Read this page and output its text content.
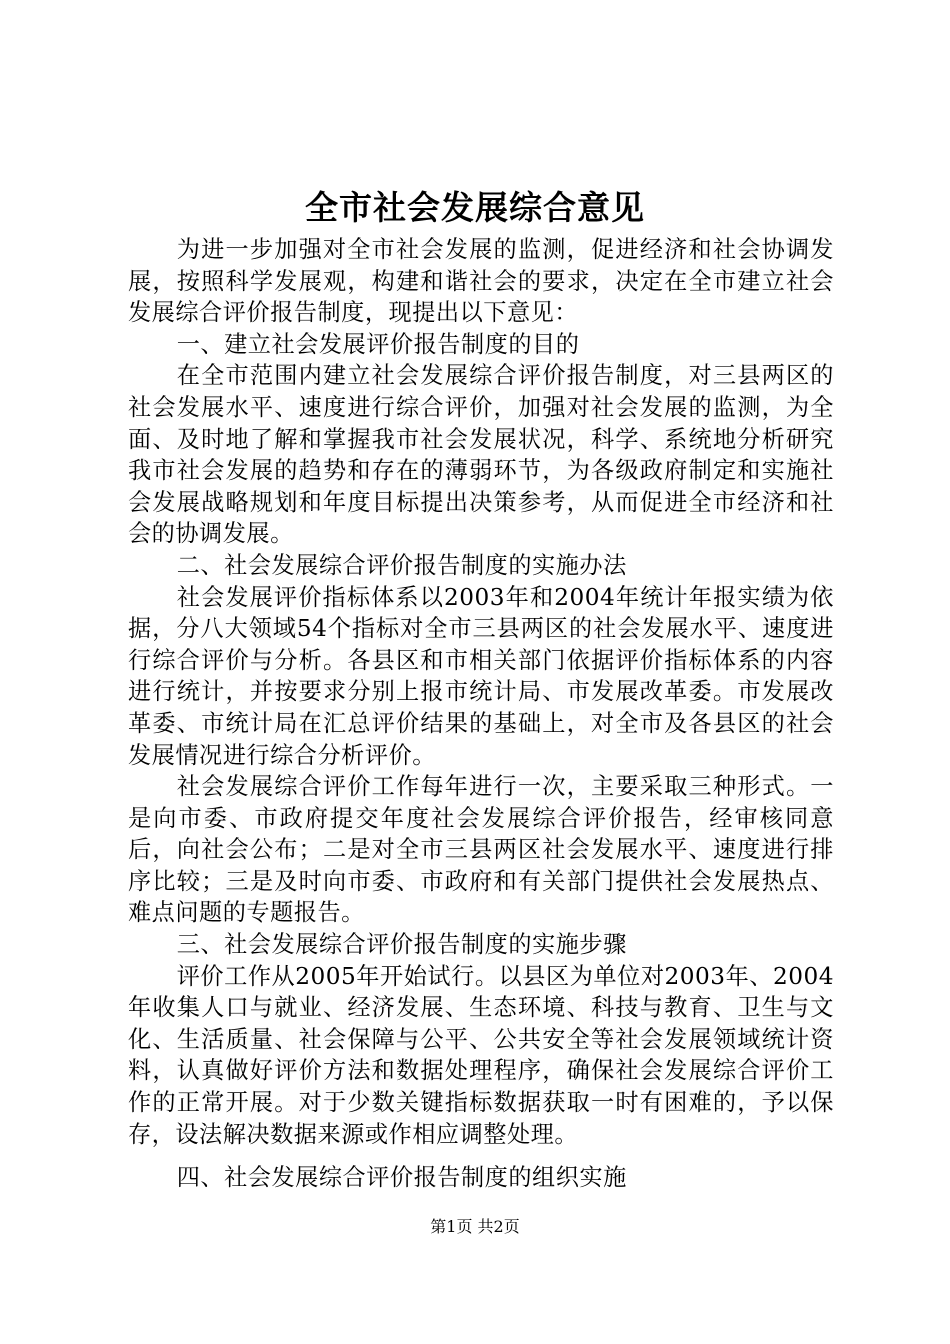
全市社会发展综合意见

为进一步加强对全市社会发展的监测，促进经济和社会协调发展，按照科学发展观，构建和谐社会的要求，决定在全市建立社会发展综合评价报告制度，现提出以下意见：

一、建立社会发展评价报告制度的目的

在全市范围内建立社会发展综合评价报告制度，对三县两区的社会发展水平、速度进行综合评价，加强对社会发展的监测，为全面、及时地了解和掌握我市社会发展状况，科学、系统地分析研究我市社会发展的趋势和存在的薄弱环节，为各级政府制定和实施社会发展战略规划和年度目标提出决策参考，从而促进全市经济和社会的协调发展。

二、社会发展综合评价报告制度的实施办法

社会发展评价指标体系以2003年和2004年统计年报实绩为依据，分八大领域54个指标对全市三县两区的社会发展水平、速度进行综合评价与分析。各县区和市相关部门依据评价指标体系的内容进行统计，并按要求分别上报市统计局、市发展改革委。市发展改革委、市统计局在汇总评价结果的基础上，对全市及各县区的社会发展情况进行综合分析评价。

社会发展综合评价工作每年进行一次，主要采取三种形式。一是向市委、市政府提交年度社会发展综合评价报告，经审核同意后，向社会公布；二是对全市三县两区社会发展水平、速度进行排序比较；三是及时向市委、市政府和有关部门提供社会发展热点、难点问题的专题报告。

三、社会发展综合评价报告制度的实施步骤

评价工作从2005年开始试行。以县区为单位对2003年、2004年收集人口与就业、经济发展、生态环境、科技与教育、卫生与文化、生活质量、社会保障与公平、公共安全等社会发展领域统计资料，认真做好评价方法和数据处理程序，确保社会发展综合评价工作的正常开展。对于少数关键指标数据获取一时有困难的，予以保存，设法解决数据来源或作相应调整处理。

四、社会发展综合评价报告制度的组织实施

第1页 共2页
